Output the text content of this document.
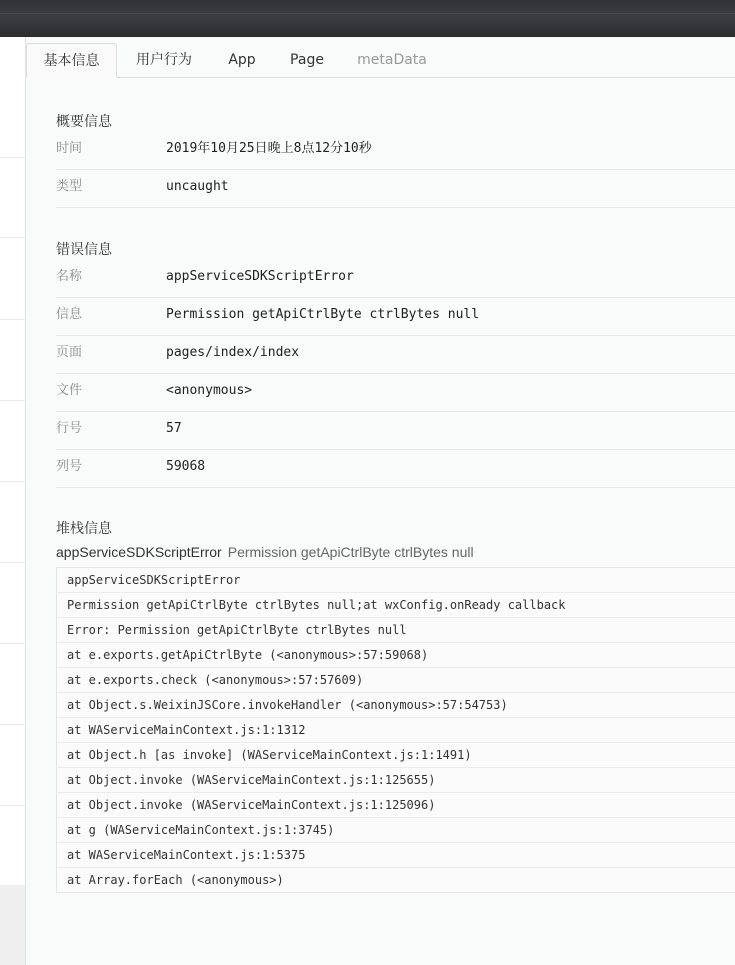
基本信息	用户行为	App	Page	metaData
概要信息
时间	2019年10月25日晚上8点12分10秒
类型	uncaught
错误信息
名称	appServiceSDKScriptError
信息	Permission getApiCtrlByte ctrlBytes null
页面	pages/index/index
文件	<anonymous>
行号	57
列号	59068
堆栈信息
appServiceSDKScriptError Permission getApiCtrlByte ctrlBytes null
appServiceSDKScriptError
Permission getApiCtrlByte ctrlBytes null;at wxConfig.onReady callback
Error: Permission getApiCtrlByte ctrlBytes null
at e.exports.getApiCtrlByte (<anonymous>:57:59068)
at e.exports.check (<anonymous>:57:57609)
at Object.s.WeixinJSCore.invokeHandler (<anonymous>:57:54753)
at WAServiceMainContext.js:1:1312
at Object.h [as invoke] (WAServiceMainContext.js:1:1491)
at Object.invoke (WAServiceMainContext.js:1:125655)
at Object.invoke (WAServiceMainContext.js:1:125096)
at g (WAServiceMainContext.js:1:3745)
at WAServiceMainContext.js:1:5375
at Array.forEach (<anonymous>)
